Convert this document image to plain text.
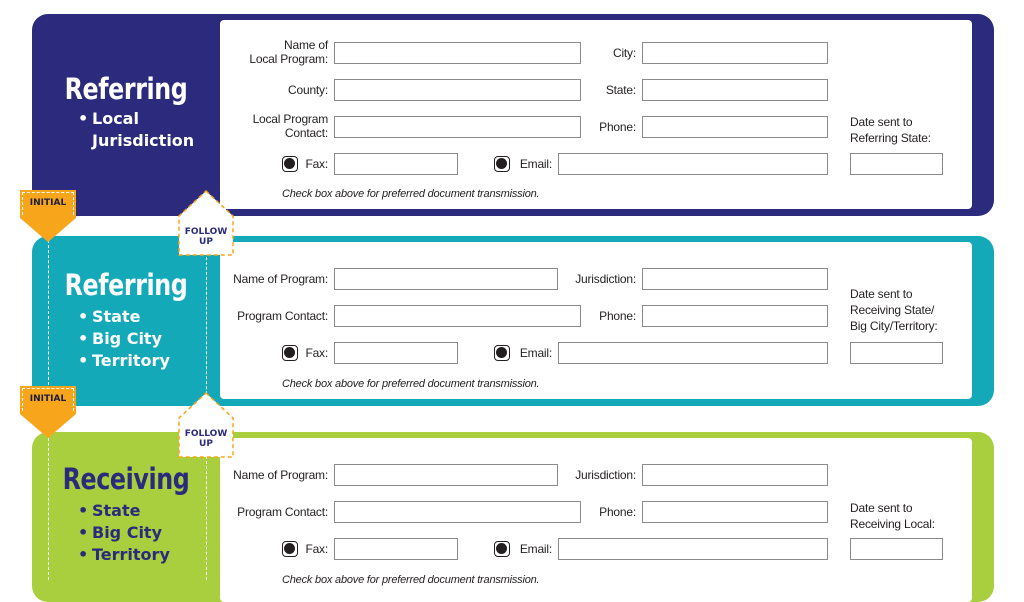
Referring
• Local
Jurisdiction
Name of
Local Program:	City:
County:	State:
Local Program
Contact:	Phone:
Fax:	Email:
Check box above for preferred document transmission.
Date sent to
Referring State:
Referring
• State
• Big City
• Territory
Name of Program:	Jurisdiction:
Program Contact:	Phone:
Fax:	Email:
Check box above for preferred document transmission.
Date sent to
Receiving State/
Big City/Territory:
Receiving
• State
• Big City
• Territory
Name of Program:	Jurisdiction:
Program Contact:	Phone:
Fax:	Email:
Check box above for preferred document transmission.
Date sent to
Receiving Local:
INITIAL
INITIAL
FOLLOW

UP
FOLLOW

UP
